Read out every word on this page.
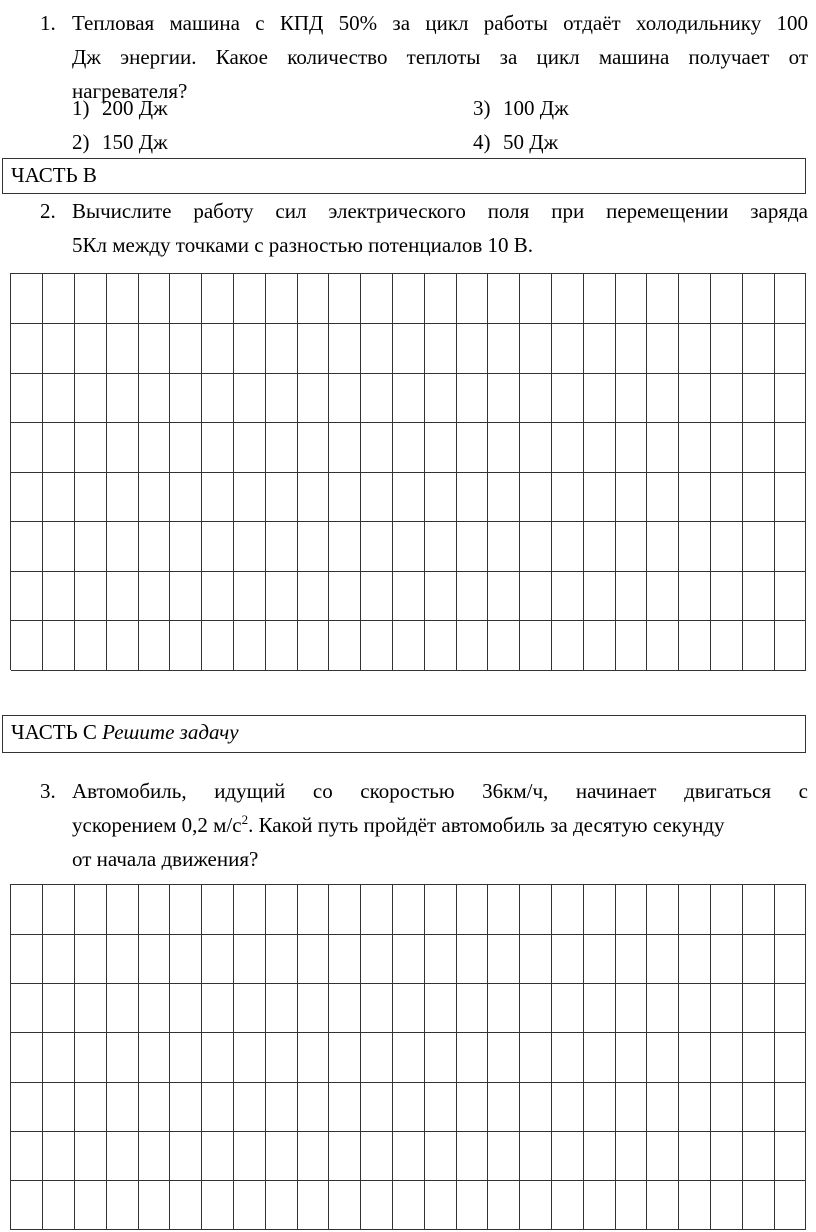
1. Тепловая машина с КПД 50% за цикл работы отдаёт холодильнику 100
Дж энергии. Какое количество теплоты за цикл машина получает от
нагревателя?
1) 200 Дж
2) 150 Дж
3) 100 Дж
4) 50 Дж
ЧАСТЬ В
2. Вычислите работу сил электрического поля при перемещении заряда
5Кл между точками с разностью потенциалов 10 В.
ЧАСТЬ С Решите задачу
3. Автомобиль, идущий со скоростью 36км/ч, начинает двигаться с
ускорением 0,2 $м/с^2$. Какой путь пройдёт автомобиль за десятую секунду
от начала движения?
